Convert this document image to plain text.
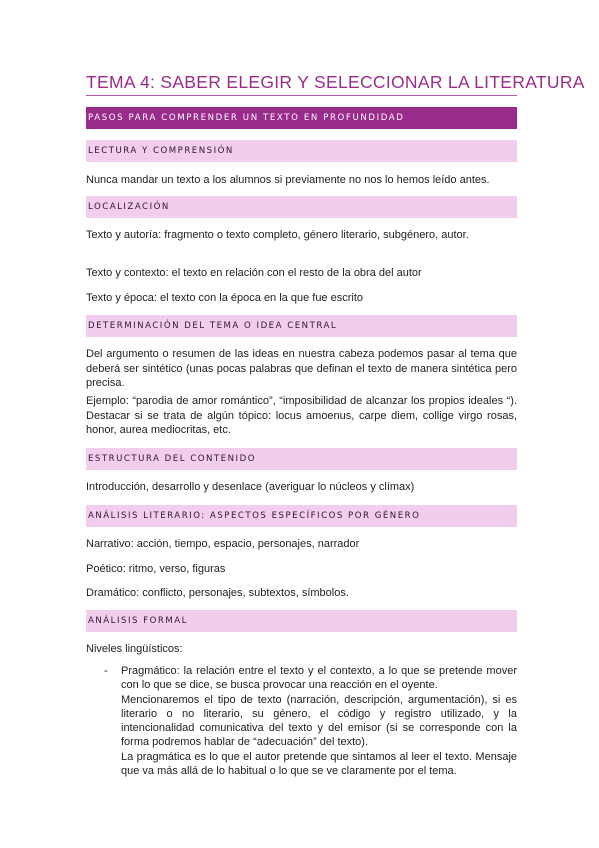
TEMA 4: SABER ELEGIR Y SELECCIONAR LA LITERATURA
PASOS PARA COMPRENDER UN TEXTO EN PROFUNDIDAD
LECTURA Y COMPRENSIÓN

Nunca mandar un texto a los alumnos si previamente no nos lo hemos leído antes.

LOCALIZACIÓN

Texto y autoría: fragmento o texto completo, género literario, subgénero, autor.

Texto y contexto: el texto en relación con el resto de la obra del autor

Texto y época: el texto con la época en la que fue escrito

DETERMINACIÓN DEL TEMA O IDEA CENTRAL

Del argumento o resumen de las ideas en nuestra cabeza podemos pasar al tema que deberá ser sintético (unas pocas palabras que definan el texto de manera sintética pero precisa.

Ejemplo: “parodia de amor romántico”, “imposibilidad de alcanzar los propios ideales “). Destacar si se trata de algún tópico: locus amoenus, carpe diem, collige virgo rosas, honor, aurea mediocritas, etc.

ESTRUCTURA DEL CONTENIDO

Introducción, desarrollo y desenlace (averiguar lo núcleos y clímax)

ANÁLISIS LITERARIO: ASPECTOS ESPECÍFICOS POR GÉNERO

Narrativo: acción, tiempo, espacio, personajes, narrador

Poético: ritmo, verso, figuras

Dramático: conflicto, personajes, subtextos, símbolos.

ANÁLISIS FORMAL

Niveles lingüísticos:

- Pragmático: la relación entre el texto y el contexto, a lo que se pretende mover con lo que se dice, se busca provocar una reacción en el oyente.
Mencionaremos el tipo de texto (narración, descripción, argumentación), si es literario o no literario, su género, el código y registro utilizado, y la intencionalidad comunicativa del texto y del emisor (si se corresponde con la forma podremos hablar de “adecuación” del texto).
La pragmática es lo que el autor pretende que sintamos al leer el texto. Mensaje que va más allá de lo habitual o lo que se ve claramente por el tema.
